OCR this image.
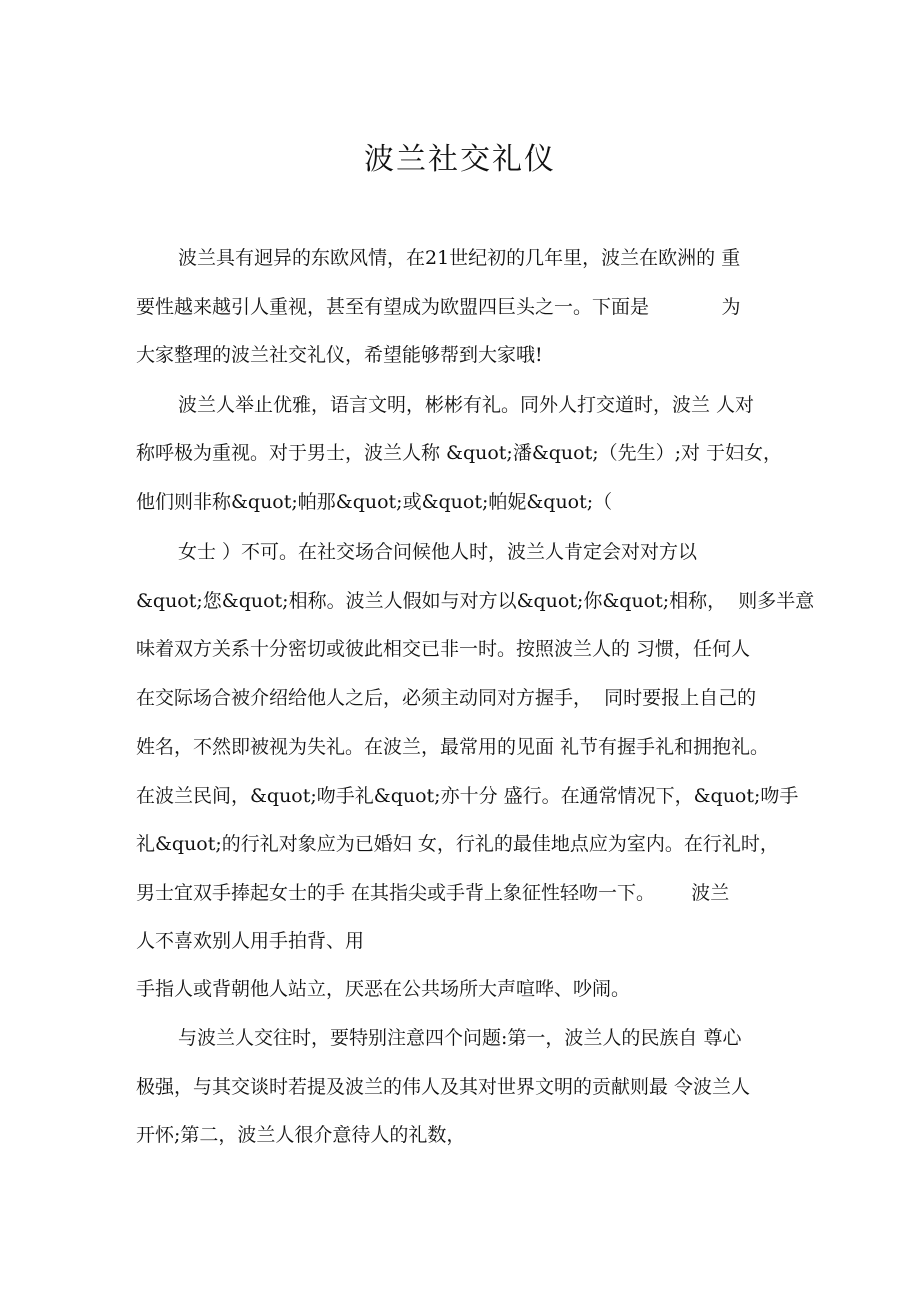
波兰社交礼仪
波兰具有迥异的东欧风情，在21世纪初的几年里，波兰在欧洲的 重
要性越来越引人重视，甚至有望成为欧盟四巨头之一。下面是            为
大家整理的波兰社交礼仪，希望能够帮到大家哦!
波兰人举止优雅，语言文明，彬彬有礼。同外人打交道时，波兰 人对
称呼极为重视。对于男士，波兰人称 &quot;潘&quot;（先生）;对 于妇女，
他们则非称&quot;帕那&quot;或&quot;帕妮&quot;（
女士 ）不可。在社交场合问候他人时，波兰人肯定会对对方以
&quot;您&quot;相称。波兰人假如与对方以&quot;你&quot;相称，  则多半意
味着双方关系十分密切或彼此相交已非一时。按照波兰人的 习惯，任何人
在交际场合被介绍给他人之后，必须主动同对方握手，  同时要报上自己的
姓名，不然即被视为失礼。在波兰，最常用的见面 礼节有握手礼和拥抱礼。
在波兰民间，&quot;吻手礼&quot;亦十分 盛行。在通常情况下，&quot;吻手
礼&quot;的行礼对象应为已婚妇 女，行礼的最佳地点应为室内。在行礼时，
男士宜双手捧起女士的手 在其指尖或手背上象征性轻吻一下。      波兰
人不喜欢别人用手拍背、用
手指人或背朝他人站立，厌恶在公共场所大声喧哗、吵闹。
与波兰人交往时，要特别注意四个问题:第一，波兰人的民族自 尊心
极强，与其交谈时若提及波兰的伟人及其对世界文明的贡献则最 令波兰人
开怀;第二，波兰人很介意待人的礼数，
